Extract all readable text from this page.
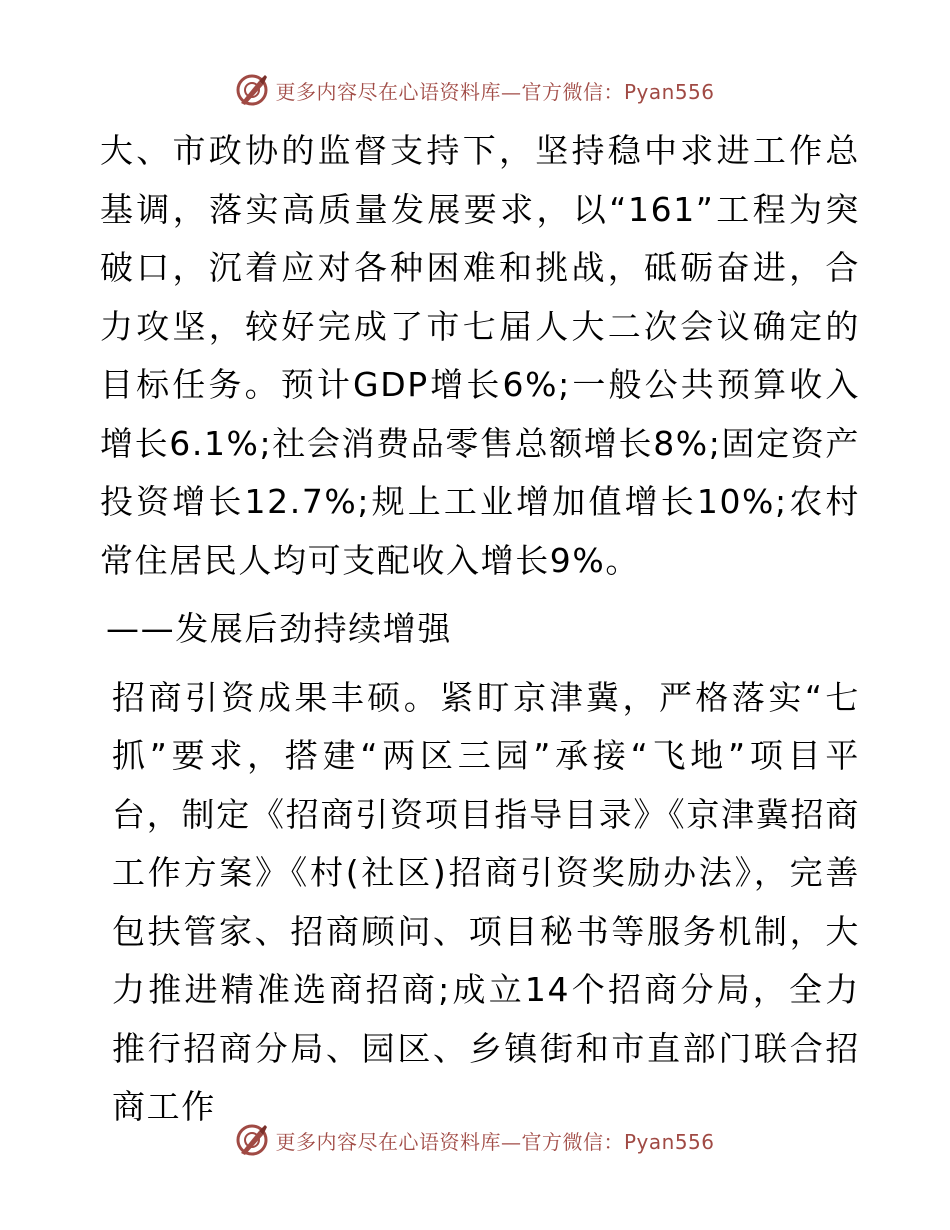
更多内容尽在心语资料库—官方微信：Pyan556

大、市政协的监督支持下，坚持稳中求进工作总基调，落实高质量发展要求，以“161”工程为突破口，沉着应对各种困难和挑战，砥砺奋进，合力攻坚，较好完成了市七届人大二次会议确定的目标任务。预计GDP增长6%;一般公共预算收入增长6.1%;社会消费品零售总额增长8%;固定资产投资增长12.7%;规上工业增加值增长10%;农村常住居民人均可支配收入增长9%。

——发展后劲持续增强

招商引资成果丰硕。紧盯京津冀，严格落实“七抓”要求，搭建“两区三园”承接“飞地”项目平台，制定《招商引资项目指导目录》《京津冀招商工作方案》《村(社区)招商引资奖励办法》，完善包扶管家、招商顾问、项目秘书等服务机制，大力推进精准选商招商;成立14个招商分局，全力推行招商分局、园区、乡镇街和市直部门联合招商工作

更多内容尽在心语资料库—官方微信：Pyan556
